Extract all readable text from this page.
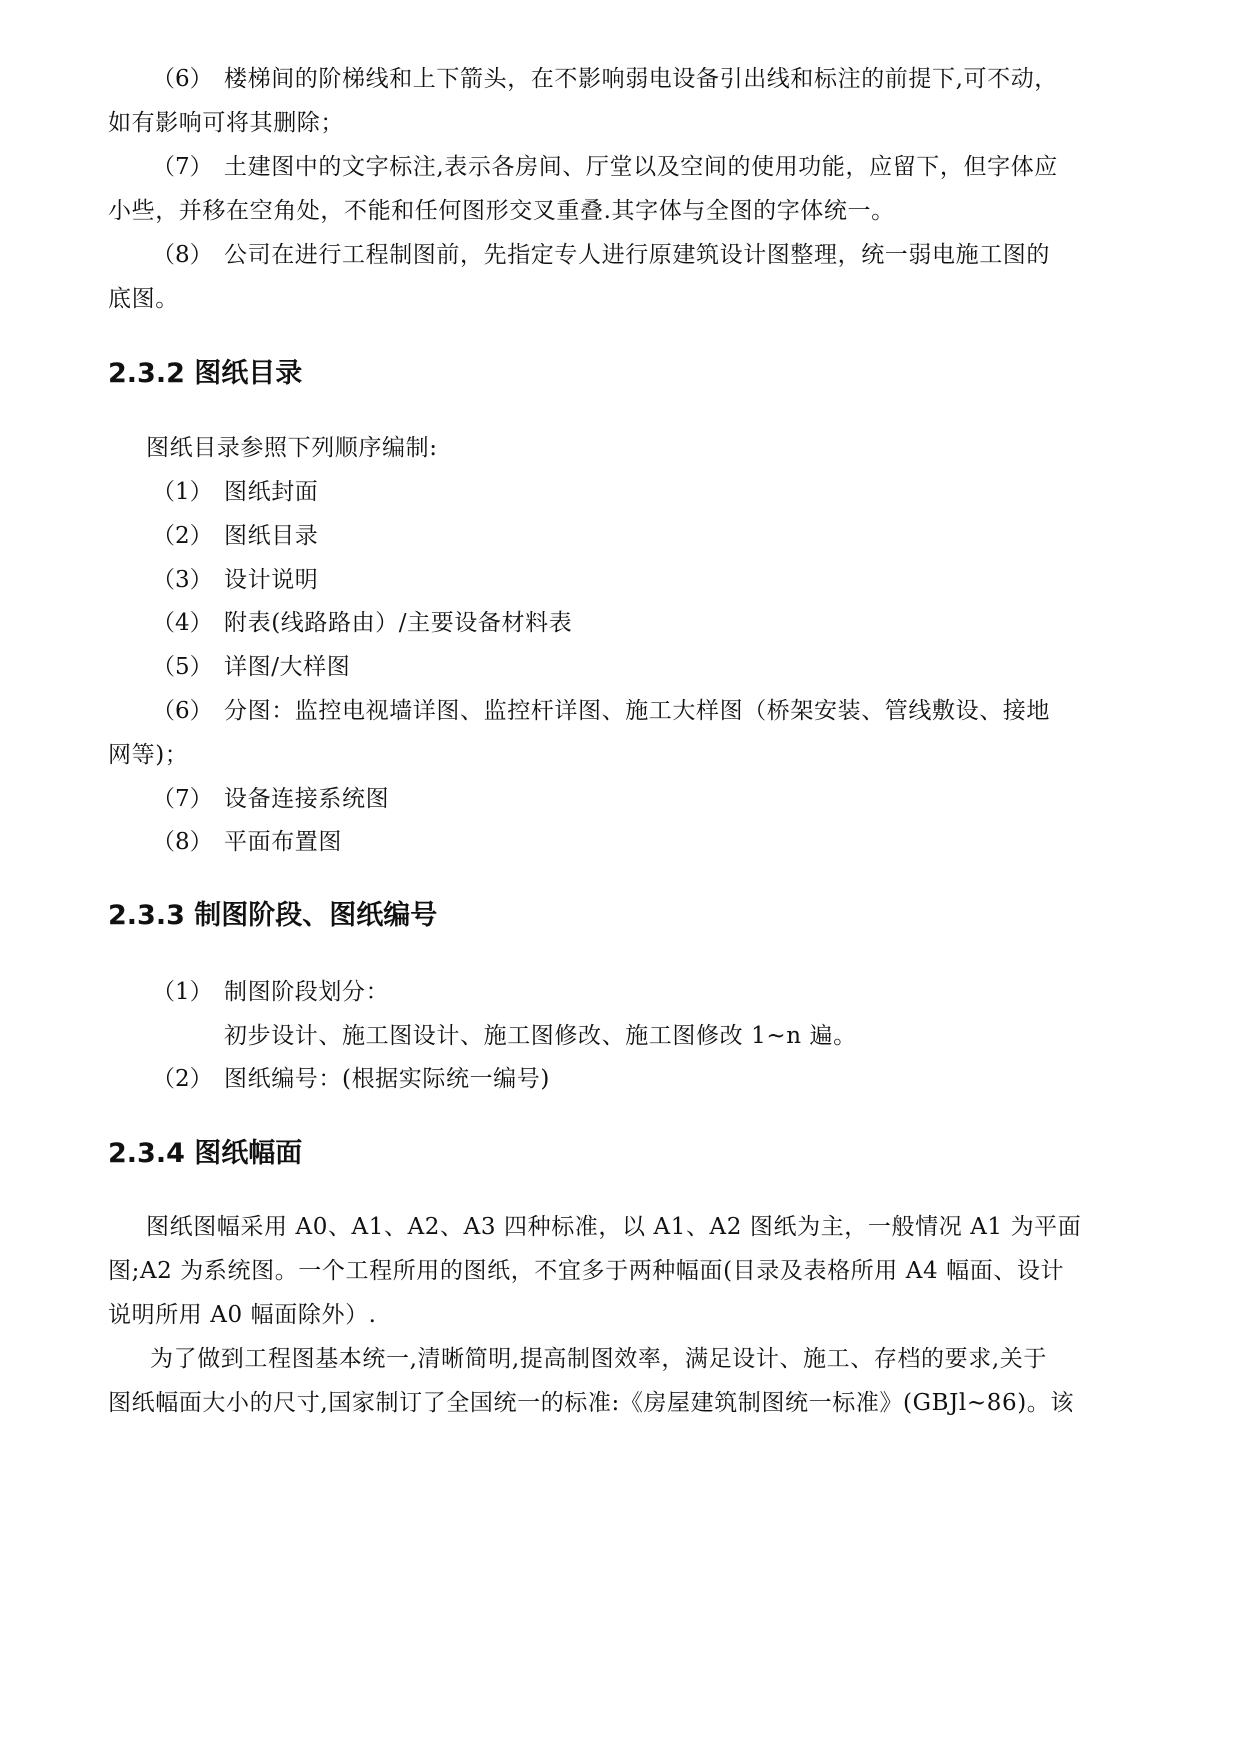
（6） 楼梯间的阶梯线和上下箭头，在不影响弱电设备引出线和标注的前提下,可不动，
如有影响可将其删除；
（7） 土建图中的文字标注,表示各房间、厅堂以及空间的使用功能，应留下，但字体应
小些，并移在空角处，不能和任何图形交叉重叠.其字体与全图的字体统一。
（8） 公司在进行工程制图前，先指定专人进行原建筑设计图整理，统一弱电施工图的
底图。
2.3.2 图纸目录
图纸目录参照下列顺序编制:
（1） 图纸封面
（2） 图纸目录
（3） 设计说明
（4） 附表(线路路由）/主要设备材料表
（5） 详图/大样图
（6） 分图：监控电视墙详图、监控杆详图、施工大样图（桥架安装、管线敷设、接地
网等)；
（7） 设备连接系统图
（8） 平面布置图
2.3.3 制图阶段、图纸编号
（1） 制图阶段划分：
初步设计、施工图设计、施工图修改、施工图修改 1~n 遍。
（2） 图纸编号：(根据实际统一编号)
2.3.4 图纸幅面
图纸图幅采用 A0、A1、A2、A3 四种标准，以 A1、A2 图纸为主，一般情况 A1 为平面
图;A2 为系统图。一个工程所用的图纸，不宜多于两种幅面(目录及表格所用 A4 幅面、设计
说明所用 A0 幅面除外）.
为了做到工程图基本统一,清晰简明,提高制图效率，满足设计、施工、存档的要求,关于
图纸幅面大小的尺寸,国家制订了全国统一的标准:《房屋建筑制图统一标准》(GBJl~86)。该
